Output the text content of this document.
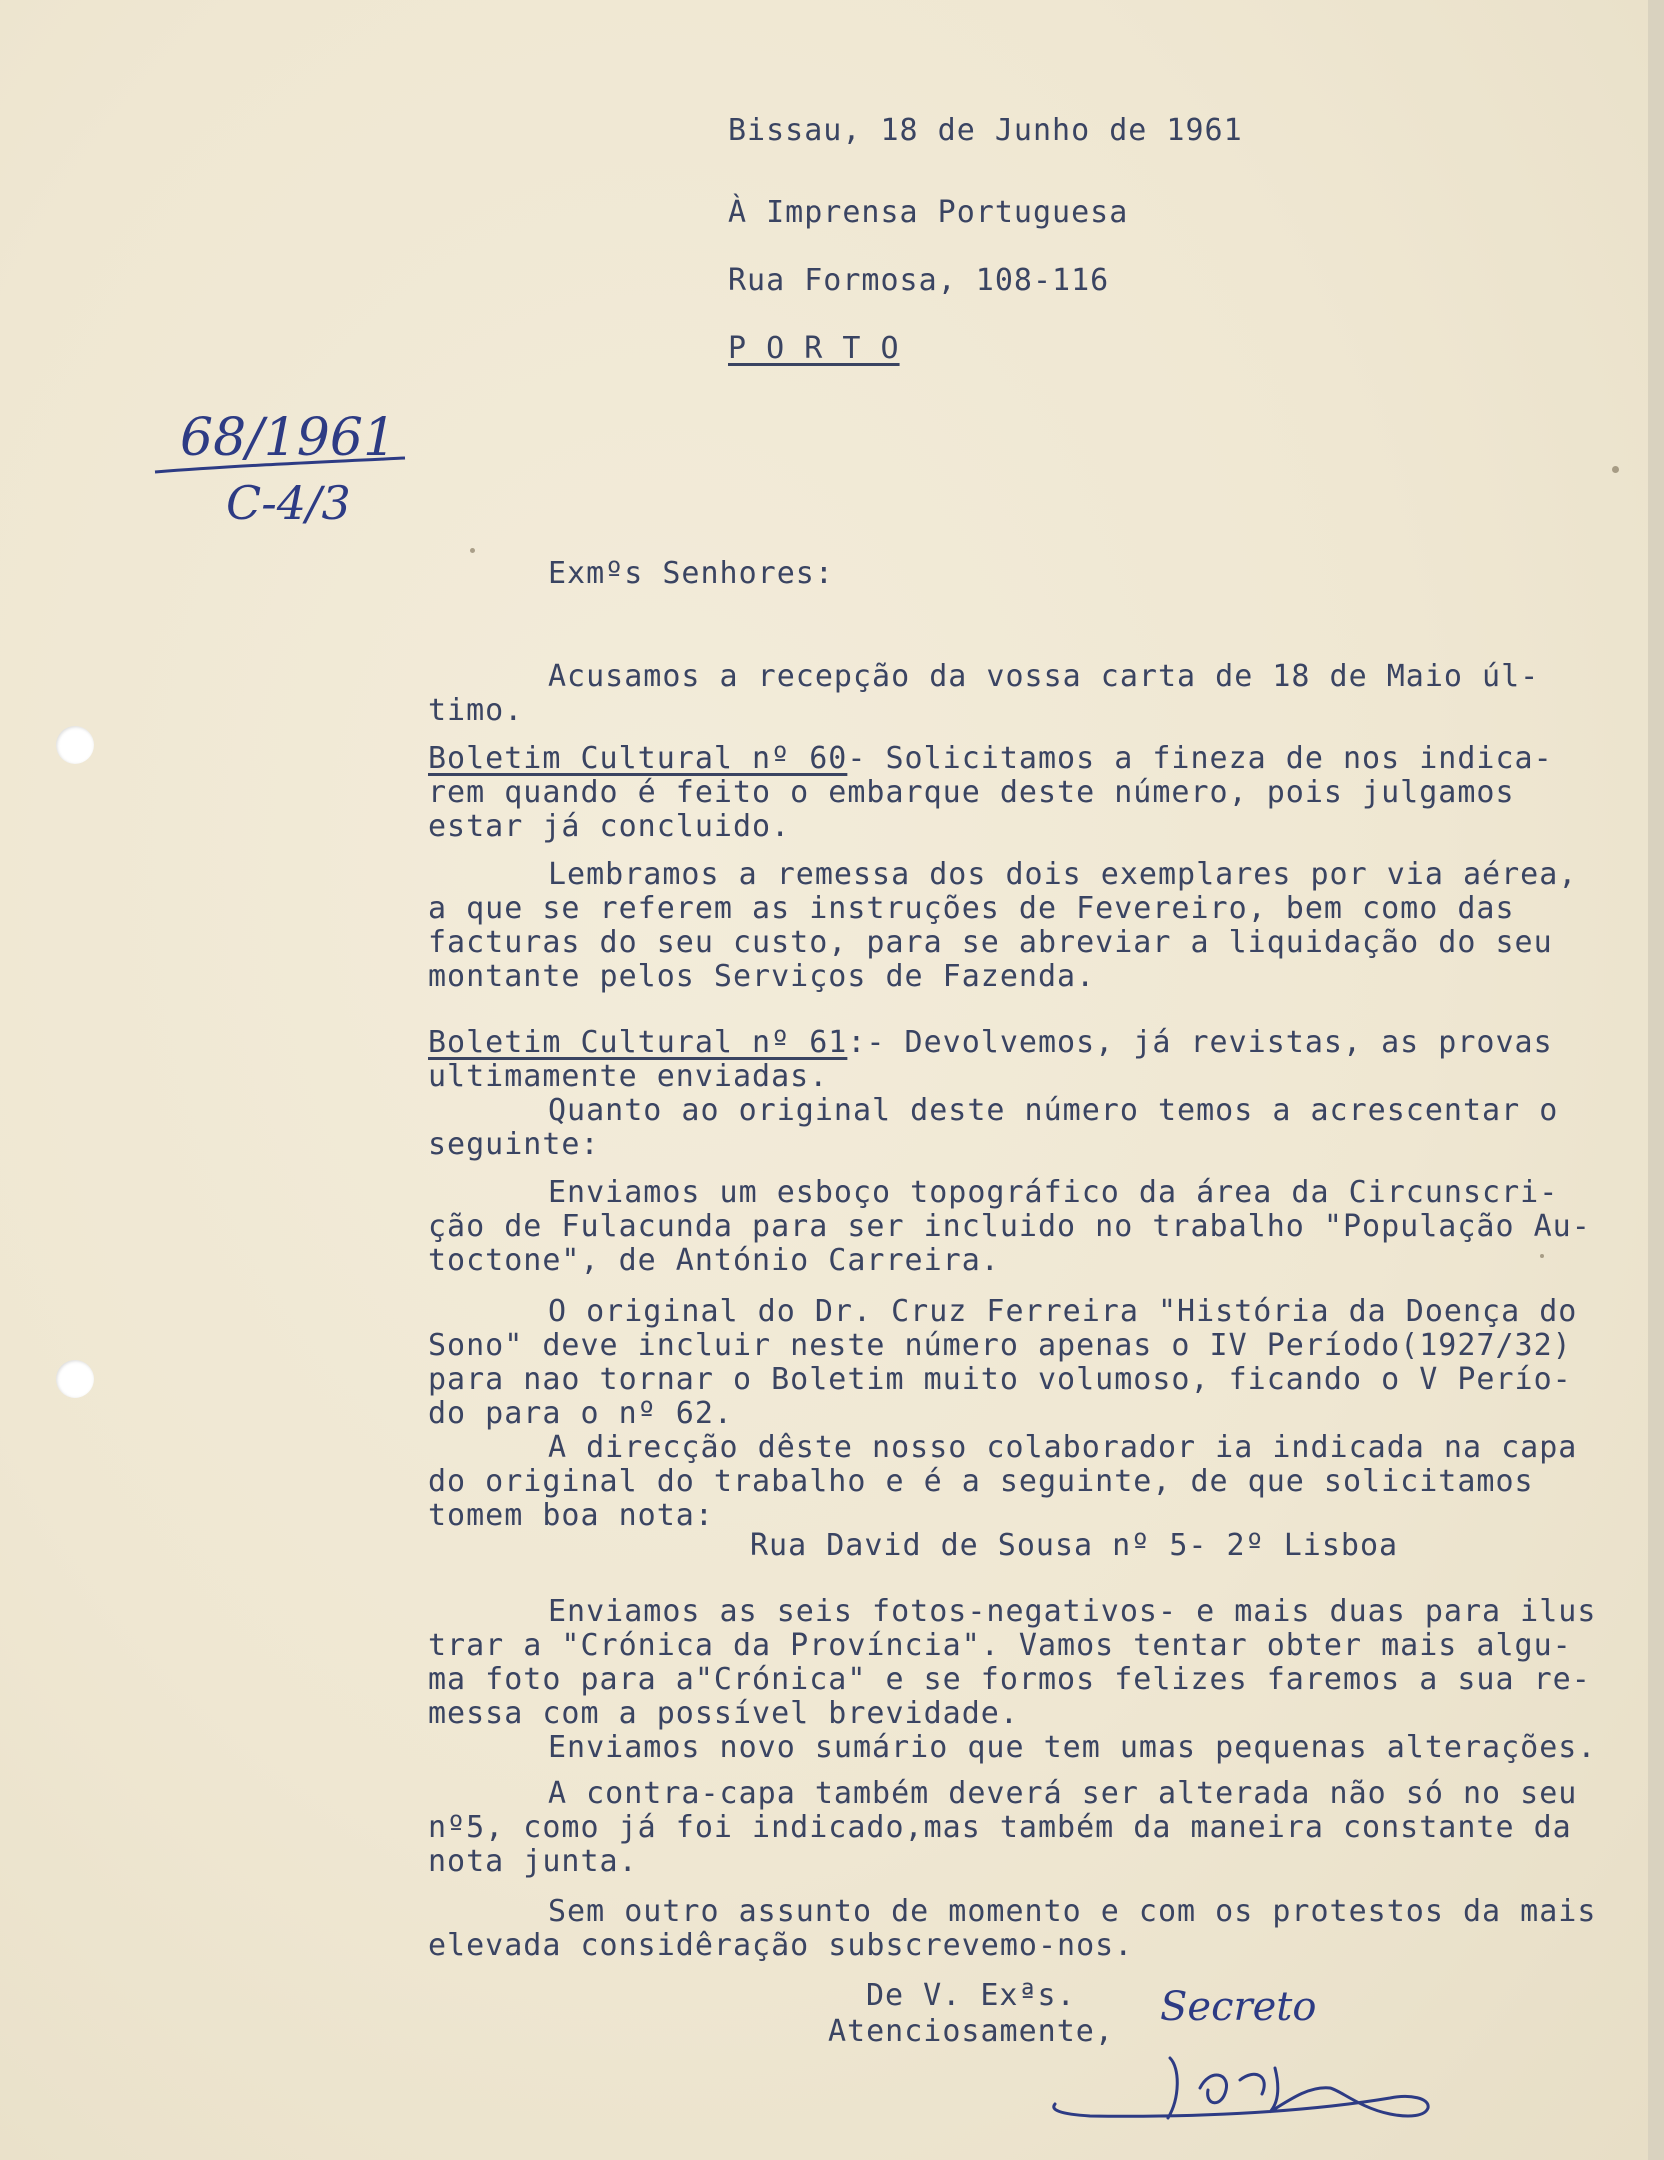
Bissau, 18 de Junho de 1961

À Imprensa Portuguesa

Rua Formosa, 108-116

P O R T O

68/1961
C-4/3

Exmºs Senhores:

Acusamos a recepção da vossa carta de 18 de Maio úl-

timo.

Boletim Cultural nº 60- Solicitamos a fineza de nos indica-

rem quando é feito o embarque deste número, pois julgamos

estar já concluido.

Lembramos a remessa dos dois exemplares por via aérea,

a que se referem as instruções de Fevereiro, bem como das

facturas do seu custo, para se abreviar a liquidação do seu

montante pelos Serviços de Fazenda.

Boletim Cultural nº 61:- Devolvemos, já revistas, as provas

ultimamente enviadas.

Quanto ao original deste número temos a acrescentar o

seguinte:

Enviamos um esboço topográfico da área da Circunscri-

ção de Fulacunda para ser incluido no trabalho "População Au-

toctone", de António Carreira.

O original do Dr. Cruz Ferreira "História da Doença do

Sono" deve incluir neste número apenas o IV Período(1927/32)

para nao tornar o Boletim muito volumoso, ficando o V Perío-

do para o nº 62.

A direcção dêste nosso colaborador ia indicada na capa

do original do trabalho e é a seguinte, de que solicitamos

tomem boa nota:

Rua David de Sousa nº 5- 2º Lisboa

Enviamos as seis fotos-negativos- e mais duas para ilus

trar a "Crónica da Província". Vamos tentar obter mais algu-

ma foto para a"Crónica" e se formos felizes faremos a sua re-

messa com a possível brevidade.

Enviamos novo sumário que tem umas pequenas alterações.

A contra-capa também deverá ser alterada não só no seu

nº5, como já foi indicado,mas também da maneira constante da

nota junta.

Sem outro assunto de momento e com os protestos da mais

elevada considêração subscrevemo-nos.

De V. Exªs.

Atenciosamente,

Secreto
